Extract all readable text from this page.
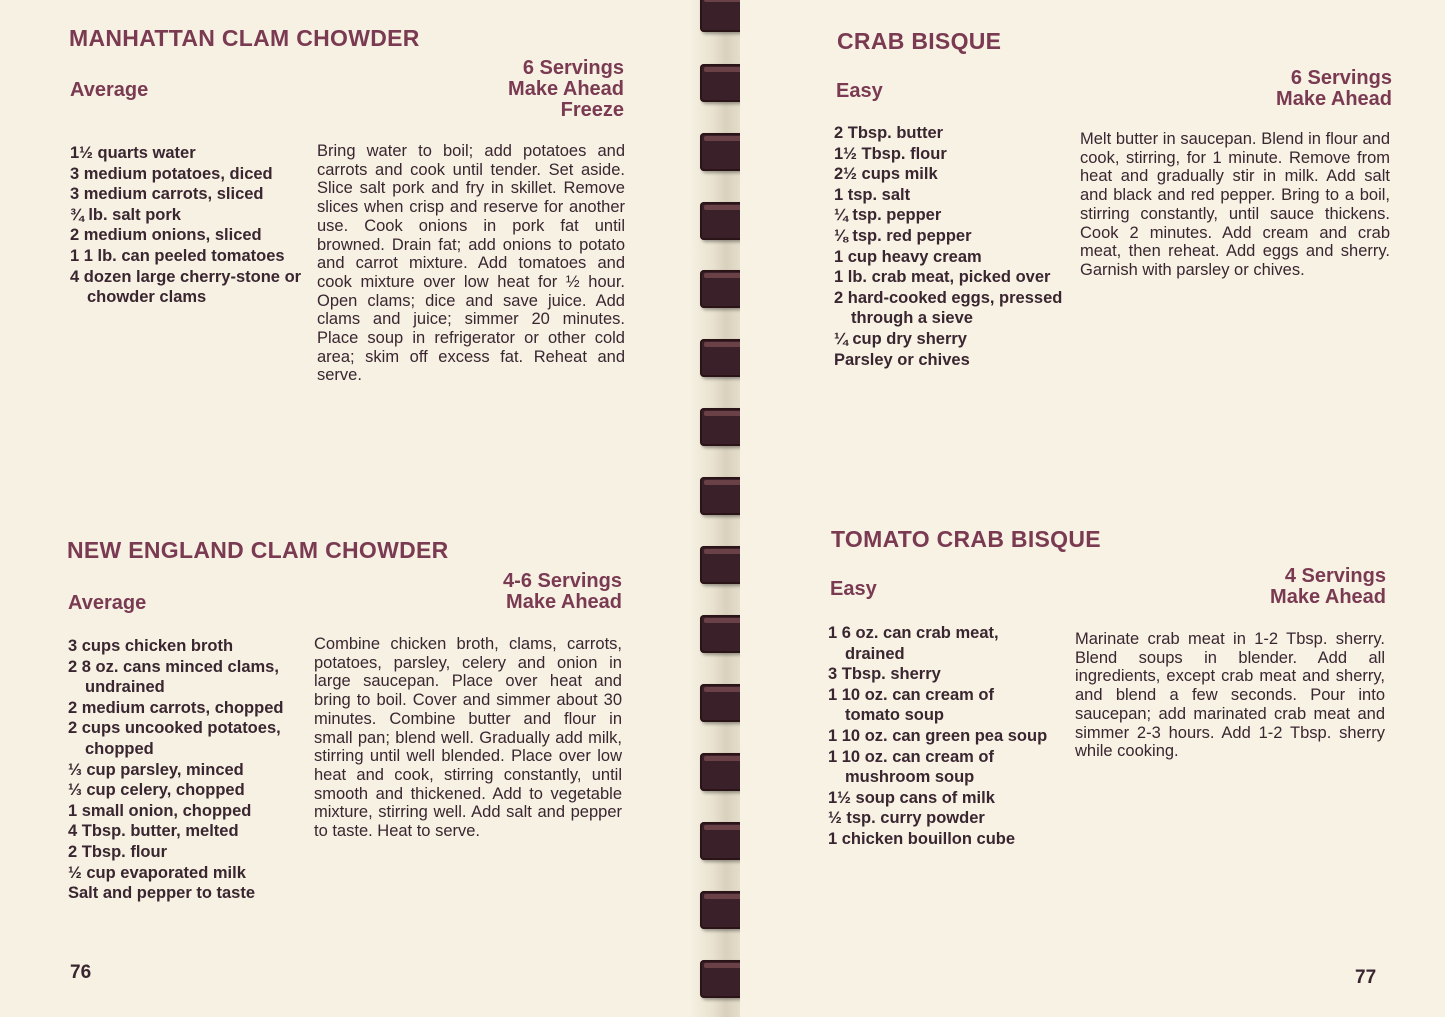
MANHATTAN CLAM CHOWDER
Average
6 Servings
Make Ahead
Freeze
1½ quarts water
3 medium potatoes, diced
3 medium carrots, sliced
¾ lb. salt pork
2 medium onions, sliced
1 1 lb. can peeled tomatoes
4 dozen large cherry-stone or chowder clams
Bring water to boil; add potatoes and carrots and cook until tender. Set aside. Slice salt pork and fry in skillet. Remove slices when crisp and reserve for another use. Cook onions in pork fat until browned. Drain fat; add onions to potato and carrot mixture. Add tomatoes and cook mixture over low heat for ½ hour. Open clams; dice and save juice. Add clams and juice; simmer 20 minutes. Place soup in refrigerator or other cold area; skim off excess fat. Reheat and serve.
NEW ENGLAND CLAM CHOWDER
Average
4-6 Servings
Make Ahead
3 cups chicken broth
2 8 oz. cans minced clams, undrained
2 medium carrots, chopped
2 cups uncooked potatoes, chopped
⅓ cup parsley, minced
⅓ cup celery, chopped
1 small onion, chopped
4 Tbsp. butter, melted
2 Tbsp. flour
½ cup evaporated milk
Salt and pepper to taste
Combine chicken broth, clams, carrots, potatoes, parsley, celery and onion in large saucepan. Place over heat and bring to boil. Cover and simmer about 30 minutes. Combine butter and flour in small pan; blend well. Gradually add milk, stirring until well blended. Place over low heat and cook, stirring constantly, until smooth and thickened. Add to vegetable mixture, stirring well. Add salt and pepper to taste. Heat to serve.
76
CRAB BISQUE
Easy
6 Servings
Make Ahead
2 Tbsp. butter
1½ Tbsp. flour
2½ cups milk
1 tsp. salt
¼ tsp. pepper
⅛ tsp. red pepper
1 cup heavy cream
1 lb. crab meat, picked over
2 hard-cooked eggs, pressed through a sieve
¼ cup dry sherry
Parsley or chives
Melt butter in saucepan. Blend in flour and cook, stirring, for 1 minute. Remove from heat and gradually stir in milk. Add salt and black and red pepper. Bring to a boil, stirring constantly, until sauce thickens. Cook 2 minutes. Add cream and crab meat, then reheat. Add eggs and sherry. Garnish with parsley or chives.
TOMATO CRAB BISQUE
Easy
4 Servings
Make Ahead
1 6 oz. can crab meat, drained
3 Tbsp. sherry
1 10 oz. can cream of tomato soup
1 10 oz. can green pea soup
1 10 oz. can cream of mushroom soup
1½ soup cans of milk
½ tsp. curry powder
1 chicken bouillon cube
Marinate crab meat in 1-2 Tbsp. sherry. Blend soups in blender. Add all ingredients, except crab meat and sherry, and blend a few seconds. Pour into saucepan; add marinated crab meat and simmer 2-3 hours. Add 1-2 Tbsp. sherry while cooking.
77
